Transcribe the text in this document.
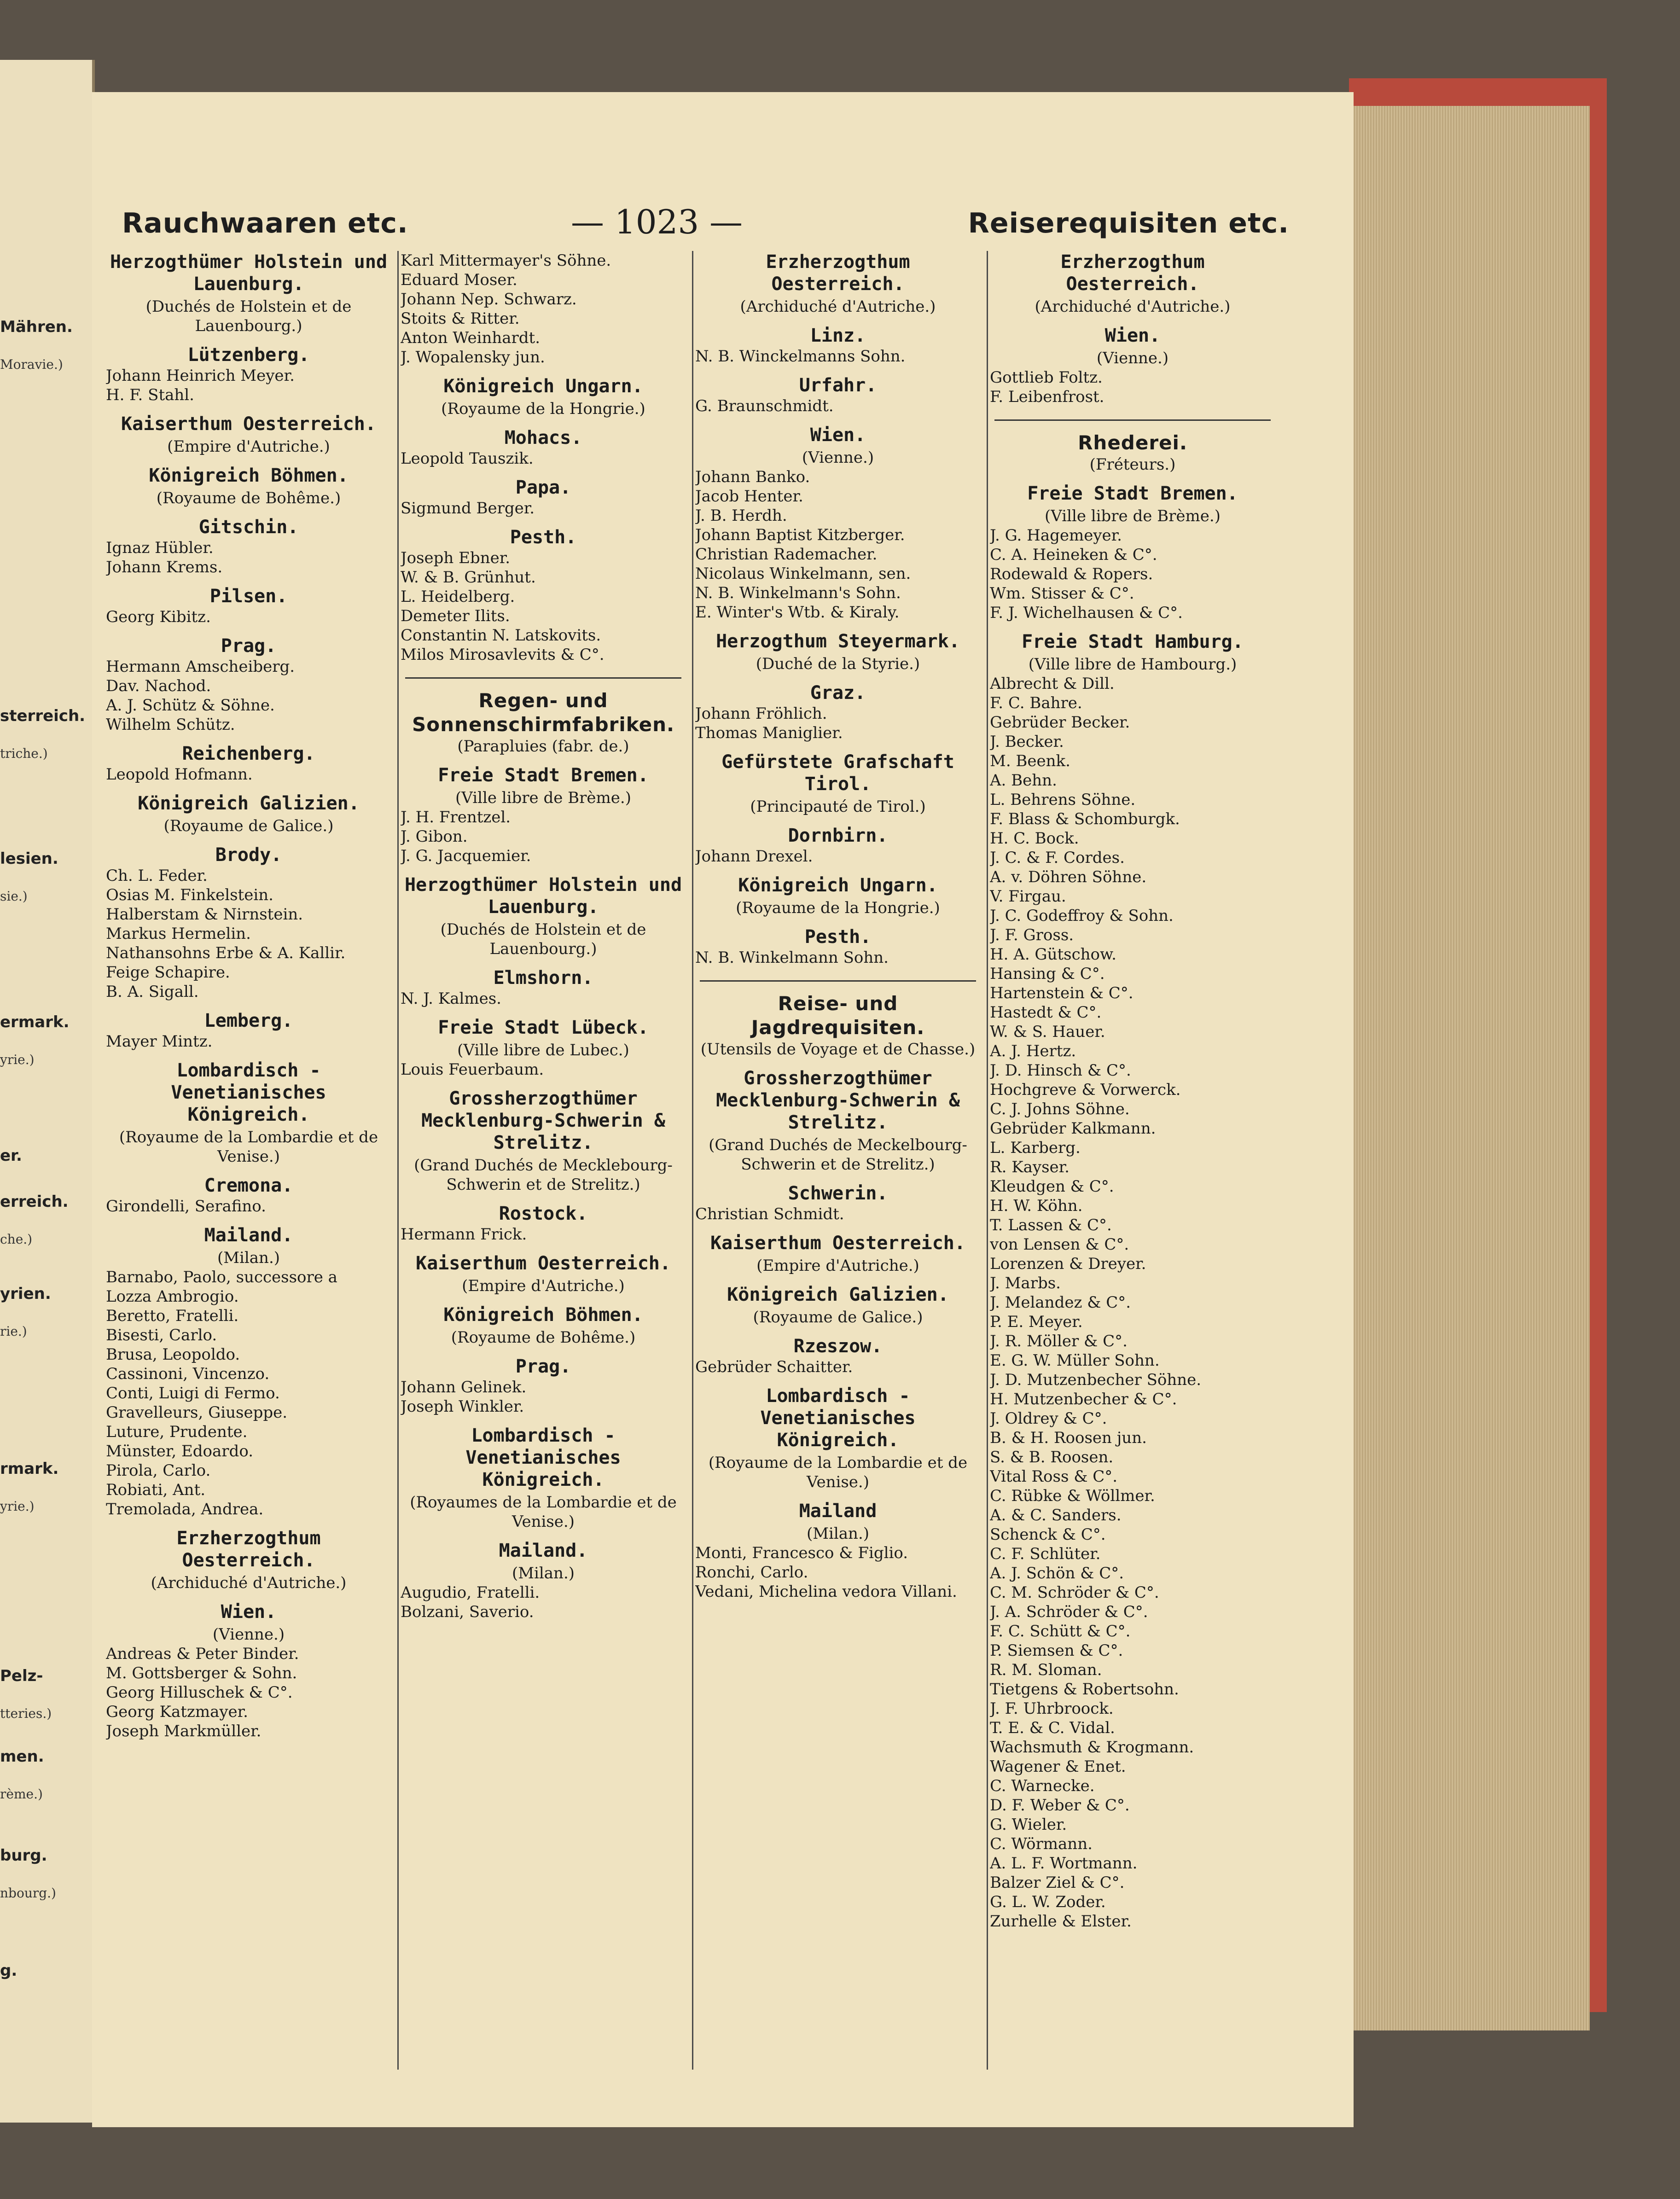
Mähren.
Moravie.)
sterreich.
triche.)
lesien.
sie.)
ermark.
yrie.)
er.
erreich.
che.)
yrien.
rie.)
rmark.
yrie.)
Pelz-
tteries.)
men.
rème.)
burg.
nbourg.)
g.
Rauchwaaren etc.	— 1023 —	Reiserequisiten etc.
Herzogthümer Holstein und Lauenburg.
(Duchés de Holstein et de Lauenbourg.)
Lützenberg.
Johann Heinrich Meyer.
H. F. Stahl.
Kaiserthum Oesterreich.
(Empire d'Autriche.)
Königreich Böhmen.
(Royaume de Bohême.)
Gitschin.
Ignaz Hübler.
Johann Krems.
Pilsen.
Georg Kibitz.
Prag.
Hermann Amscheiberg.
Dav. Nachod.
A. J. Schütz & Söhne.
Wilhelm Schütz.
Reichenberg.
Leopold Hofmann.
Königreich Galizien.
(Royaume de Galice.)
Brody.
Ch. L. Feder.
Osias M. Finkelstein.
Halberstam & Nirnstein.
Markus Hermelin.
Nathansohns Erbe & A. Kallir.
Feige Schapire.
B. A. Sigall.
Lemberg.
Mayer Mintz.
Lombardisch - Venetianisches Königreich.
(Royaume de la Lombardie et de Venise.)
Cremona.
Girondelli, Serafino.
Mailand.
(Milan.)
Barnabo, Paolo, successore a
Lozza Ambrogio.
Beretto, Fratelli.
Bisesti, Carlo.
Brusa, Leopoldo.
Cassinoni, Vincenzo.
Conti, Luigi di Fermo.
Gravelleurs, Giuseppe.
Luture, Prudente.
Münster, Edoardo.
Pirola, Carlo.
Robiati, Ant.
Tremolada, Andrea.
Erzherzogthum Oesterreich.
(Archiduché d'Autriche.)
Wien.
(Vienne.)
Andreas & Peter Binder.
M. Gottsberger & Sohn.
Georg Hilluschek & C°.
Georg Katzmayer.
Joseph Markmüller.
Karl Mittermayer's Söhne.
Eduard Moser.
Johann Nep. Schwarz.
Stoits & Ritter.
Anton Weinhardt.
J. Wopalensky jun.
Königreich Ungarn.
(Royaume de la Hongrie.)
Mohacs.
Leopold Tauszik.
Papa.
Sigmund Berger.
Pesth.
Joseph Ebner.
W. & B. Grünhut.
L. Heidelberg.
Demeter Ilits.
Constantin N. Latskovits.
Milos Mirosavlevits & C°.
Regen- und Sonnenschirmfabriken.
(Parapluies (fabr. de.)
Freie Stadt Bremen.
(Ville libre de Brème.)
J. H. Frentzel.
J. Gibon.
J. G. Jacquemier.
Herzogthümer Holstein und Lauenburg.
(Duchés de Holstein et de Lauenbourg.)
Elmshorn.
N. J. Kalmes.
Freie Stadt Lübeck.
(Ville libre de Lubec.)
Louis Feuerbaum.
Grossherzogthümer Mecklenburg-Schwerin & Strelitz.
(Grand Duchés de Mecklebourg-Schwerin et de Strelitz.)
Rostock.
Hermann Frick.
Kaiserthum Oesterreich.
(Empire d'Autriche.)
Königreich Böhmen.
(Royaume de Bohême.)
Prag.
Johann Gelinek.
Joseph Winkler.
Lombardisch - Venetianisches Königreich.
(Royaumes de la Lombardie et de Venise.)
Mailand.
(Milan.)
Augudio, Fratelli.
Bolzani, Saverio.
Erzherzogthum Oesterreich.
(Archiduché d'Autriche.)
Linz.
N. B. Winckelmanns Sohn.
Urfahr.
G. Braunschmidt.
Wien.
(Vienne.)
Johann Banko.
Jacob Henter.
J. B. Herdh.
Johann Baptist Kitzberger.
Christian Rademacher.
Nicolaus Winkelmann, sen.
N. B. Winkelmann's Sohn.
E. Winter's Wtb. & Kiraly.
Herzogthum Steyermark.
(Duché de la Styrie.)
Graz.
Johann Fröhlich.
Thomas Maniglier.
Gefürstete Grafschaft Tirol.
(Principauté de Tirol.)
Dornbirn.
Johann Drexel.
Königreich Ungarn.
(Royaume de la Hongrie.)
Pesth.
N. B. Winkelmann Sohn.
Reise- und Jagdrequisiten.
(Utensils de Voyage et de Chasse.)
Grossherzogthümer Mecklenburg-Schwerin & Strelitz.
(Grand Duchés de Meckelbourg-Schwerin et de Strelitz.)
Schwerin.
Christian Schmidt.
Kaiserthum Oesterreich.
(Empire d'Autriche.)
Königreich Galizien.
(Royaume de Galice.)
Rzeszow.
Gebrüder Schaitter.
Lombardisch - Venetianisches Königreich.
(Royaume de la Lombardie et de Venise.)
Mailand
(Milan.)
Monti, Francesco & Figlio.
Ronchi, Carlo.
Vedani, Michelina vedora Villani.
Erzherzogthum Oesterreich.
(Archiduché d'Autriche.)
Wien.
(Vienne.)
Gottlieb Foltz.
F. Leibenfrost.
Rhederei.
(Fréteurs.)
Freie Stadt Bremen.
(Ville libre de Brème.)
J. G. Hagemeyer.
C. A. Heineken & C°.
Rodewald & Ropers.
Wm. Stisser & C°.
F. J. Wichelhausen & C°.
Freie Stadt Hamburg.
(Ville libre de Hambourg.)
Albrecht & Dill.
F. C. Bahre.
Gebrüder Becker.
J. Becker.
M. Beenk.
A. Behn.
L. Behrens Söhne.
F. Blass & Schomburgk.
H. C. Bock.
J. C. & F. Cordes.
A. v. Döhren Söhne.
V. Firgau.
J. C. Godeffroy & Sohn.
J. F. Gross.
H. A. Gütschow.
Hansing & C°.
Hartenstein & C°.
Hastedt & C°.
W. & S. Hauer.
A. J. Hertz.
J. D. Hinsch & C°.
Hochgreve & Vorwerck.
C. J. Johns Söhne.
Gebrüder Kalkmann.
L. Karberg.
R. Kayser.
Kleudgen & C°.
H. W. Köhn.
T. Lassen & C°.
von Lensen & C°.
Lorenzen & Dreyer.
J. Marbs.
J. Melandez & C°.
P. E. Meyer.
J. R. Möller & C°.
E. G. W. Müller Sohn.
J. D. Mutzenbecher Söhne.
H. Mutzenbecher & C°.
J. Oldrey & C°.
B. & H. Roosen jun.
S. & B. Roosen.
Vital Ross & C°.
C. Rübke & Wöllmer.
A. & C. Sanders.
Schenck & C°.
C. F. Schlüter.
A. J. Schön & C°.
C. M. Schröder & C°.
J. A. Schröder & C°.
F. C. Schütt & C°.
P. Siemsen & C°.
R. M. Sloman.
Tietgens & Robertsohn.
J. F. Uhrbroock.
T. E. & C. Vidal.
Wachsmuth & Krogmann.
Wagener & Enet.
C. Warnecke.
D. F. Weber & C°.
G. Wieler.
C. Wörmann.
A. L. F. Wortmann.
Balzer Ziel & C°.
G. L. W. Zoder.
Zurhelle & Elster.
